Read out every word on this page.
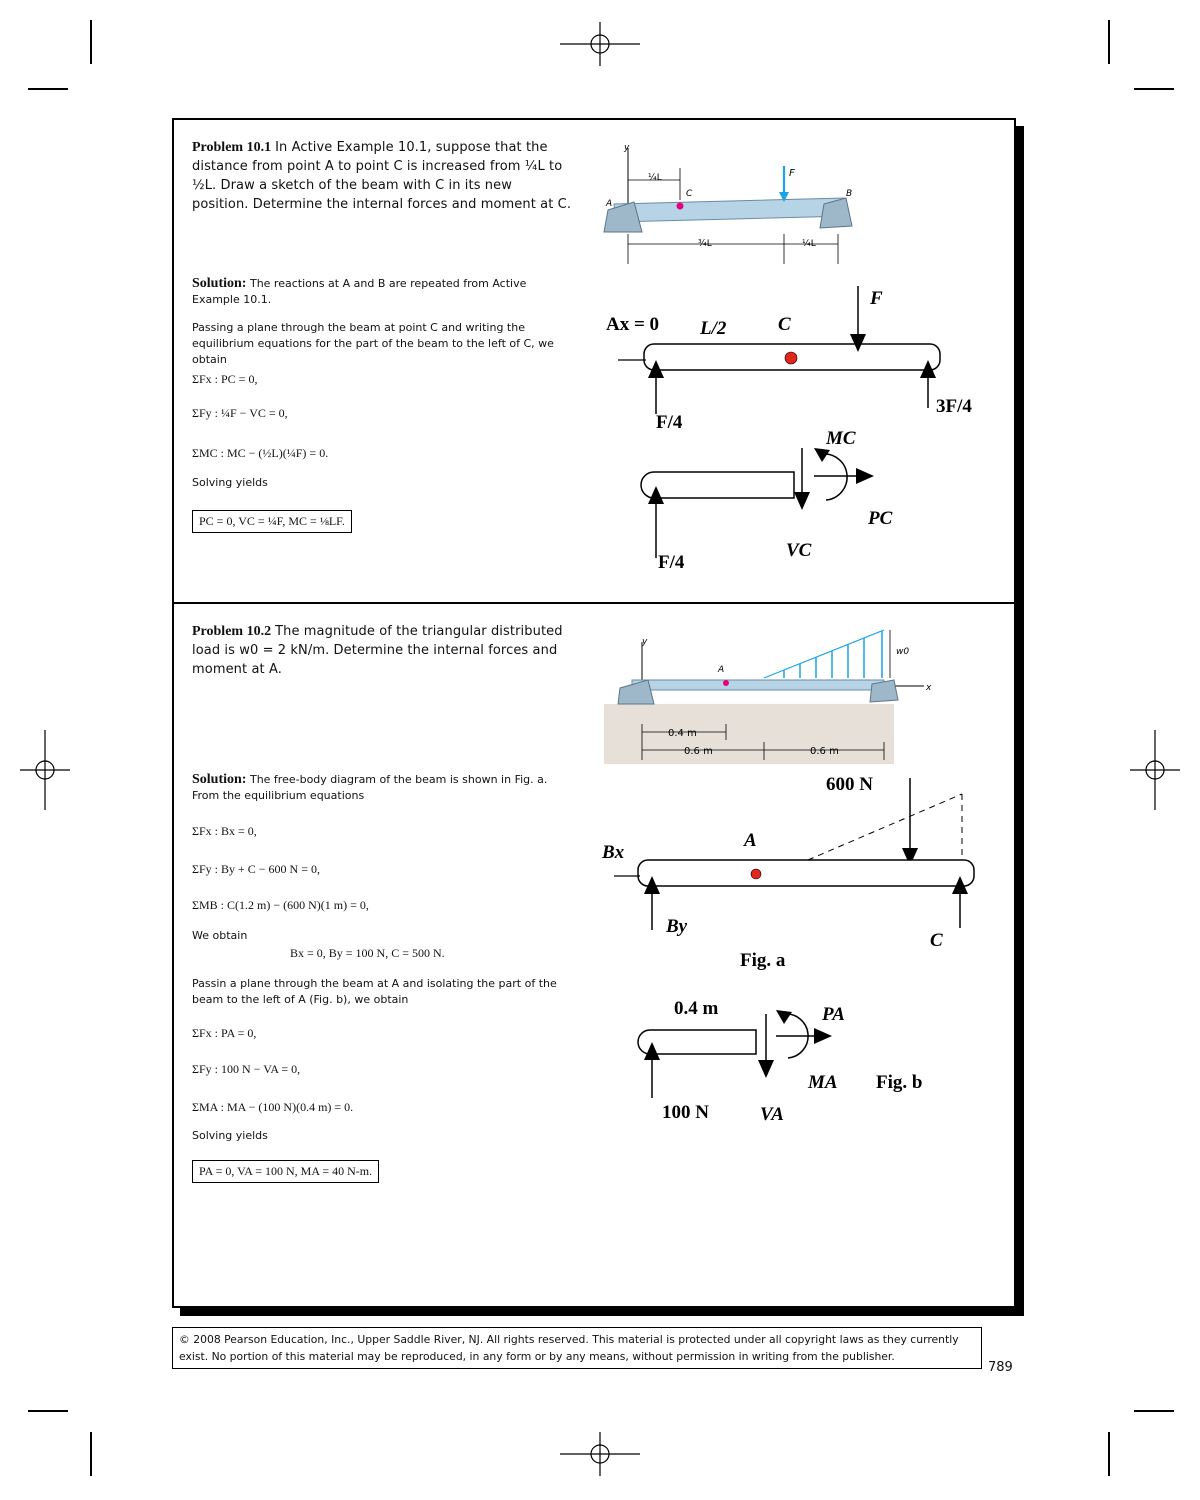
Problem 10.1 In Active Example 10.1, suppose that the distance from point A to point C is increased from ¼L to ½L. Draw a sketch of the beam with C in its new position. Determine the internal forces and moment at C.
Solution: The reactions at A and B are repeated from Active Example 10.1.
Passing a plane through the beam at point C and writing the equilibrium equations for the part of the beam to the left of C, we obtain
ΣFx : PC = 0,
ΣFy : ¼F − VC = 0,
ΣMC : MC − (½L)(¼F) = 0.
Solving yields
PC = 0, VC = ¼F, MC = ⅛LF.
y
A
C	B
F
¼L
¾L	¼L
Ax = 0 L/2	C
F
F/4
3F/4
MC
F/4
VC
PC
Problem 10.2 The magnitude of the triangular distributed load is w0 = 2 kN/m. Determine the internal forces and moment at A.
Solution: The free-body diagram of the beam is shown in Fig. a. From the equilibrium equations
ΣFx : Bx = 0,
ΣFy : By + C − 600 N = 0,
ΣMB : C(1.2 m) − (600 N)(1 m) = 0,
We obtain
Bx = 0, By = 100 N, C = 500 N.
Passin a plane through the beam at A and isolating the part of the beam to the left of A (Fig. b), we obtain
ΣFx : PA = 0,
ΣFy : 100 N − VA = 0,
ΣMA : MA − (100 N)(0.4 m) = 0.
Solving yields
PA = 0, VA = 100 N, MA = 40 N-m.
y
x
A
w0
0.4 m
0.6 m	0.6 m
600 N
A
Bx
By
C
Fig. a
0.4 m
100 N	VA
PA
MA Fig. b
© 2008 Pearson Education, Inc., Upper Saddle River, NJ. All rights reserved. This material is protected under all copyright laws as they currently exist. No portion of this material may be reproduced, in any form or by any means, without permission in writing from the publisher.
789
